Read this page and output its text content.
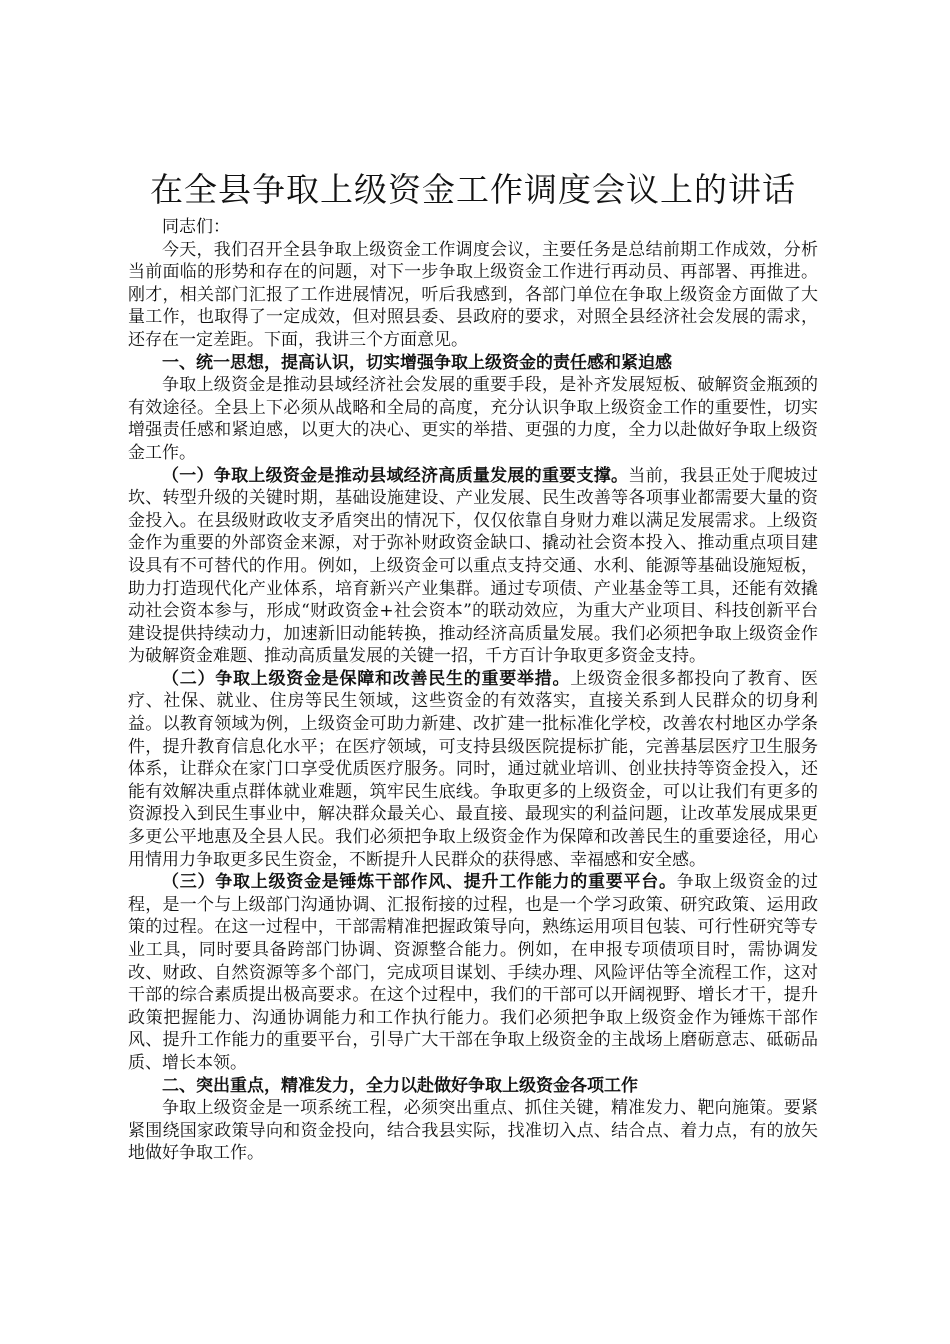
在全县争取上级资金工作调度会议上的讲话

同志们：

今天，我们召开全县争取上级资金工作调度会议，主要任务是总结前期工作成效，分析当前面临的形势和存在的问题，对下一步争取上级资金工作进行再动员、再部署、再推进。刚才，相关部门汇报了工作进展情况，听后我感到，各部门单位在争取上级资金方面做了大量工作，也取得了一定成效，但对照县委、县政府的要求，对照全县经济社会发展的需求，还存在一定差距。下面，我讲三个方面意见。

一、统一思想，提高认识，切实增强争取上级资金的责任感和紧迫感

争取上级资金是推动县域经济社会发展的重要手段，是补齐发展短板、破解资金瓶颈的有效途径。全县上下必须从战略和全局的高度，充分认识争取上级资金工作的重要性，切实增强责任感和紧迫感，以更大的决心、更实的举措、更强的力度，全力以赴做好争取上级资金工作。

（一）争取上级资金是推动县域经济高质量发展的重要支撑。当前，我县正处于爬坡过坎、转型升级的关键时期，基础设施建设、产业发展、民生改善等各项事业都需要大量的资金投入。在县级财政收支矛盾突出的情况下，仅仅依靠自身财力难以满足发展需求。上级资金作为重要的外部资金来源，对于弥补财政资金缺口、撬动社会资本投入、推动重点项目建设具有不可替代的作用。例如，上级资金可以重点支持交通、水利、能源等基础设施短板，助力打造现代化产业体系，培育新兴产业集群。通过专项债、产业基金等工具，还能有效撬动社会资本参与，形成“财政资金+社会资本”的联动效应，为重大产业项目、科技创新平台建设提供持续动力，加速新旧动能转换，推动经济高质量发展。我们必须把争取上级资金作为破解资金难题、推动高质量发展的关键一招，千方百计争取更多资金支持。

（二）争取上级资金是保障和改善民生的重要举措。上级资金很多都投向了教育、医疗、社保、就业、住房等民生领域，这些资金的有效落实，直接关系到人民群众的切身利益。以教育领域为例，上级资金可助力新建、改扩建一批标准化学校，改善农村地区办学条件，提升教育信息化水平；在医疗领域，可支持县级医院提标扩能，完善基层医疗卫生服务体系，让群众在家门口享受优质医疗服务。同时，通过就业培训、创业扶持等资金投入，还能有效解决重点群体就业难题，筑牢民生底线。争取更多的上级资金，可以让我们有更多的资源投入到民生事业中，解决群众最关心、最直接、最现实的利益问题，让改革发展成果更多更公平地惠及全县人民。我们必须把争取上级资金作为保障和改善民生的重要途径，用心用情用力争取更多民生资金，不断提升人民群众的获得感、幸福感和安全感。

（三）争取上级资金是锤炼干部作风、提升工作能力的重要平台。争取上级资金的过程，是一个与上级部门沟通协调、汇报衔接的过程，也是一个学习政策、研究政策、运用政策的过程。在这一过程中，干部需精准把握政策导向，熟练运用项目包装、可行性研究等专业工具，同时要具备跨部门协调、资源整合能力。例如，在申报专项债项目时，需协调发改、财政、自然资源等多个部门，完成项目谋划、手续办理、风险评估等全流程工作，这对干部的综合素质提出极高要求。在这个过程中，我们的干部可以开阔视野、增长才干，提升政策把握能力、沟通协调能力和工作执行能力。我们必须把争取上级资金作为锤炼干部作风、提升工作能力的重要平台，引导广大干部在争取上级资金的主战场上磨砺意志、砥砺品质、增长本领。

二、突出重点，精准发力，全力以赴做好争取上级资金各项工作

争取上级资金是一项系统工程，必须突出重点、抓住关键，精准发力、靶向施策。要紧紧围绕国家政策导向和资金投向，结合我县实际，找准切入点、结合点、着力点，有的放矢地做好争取工作。
